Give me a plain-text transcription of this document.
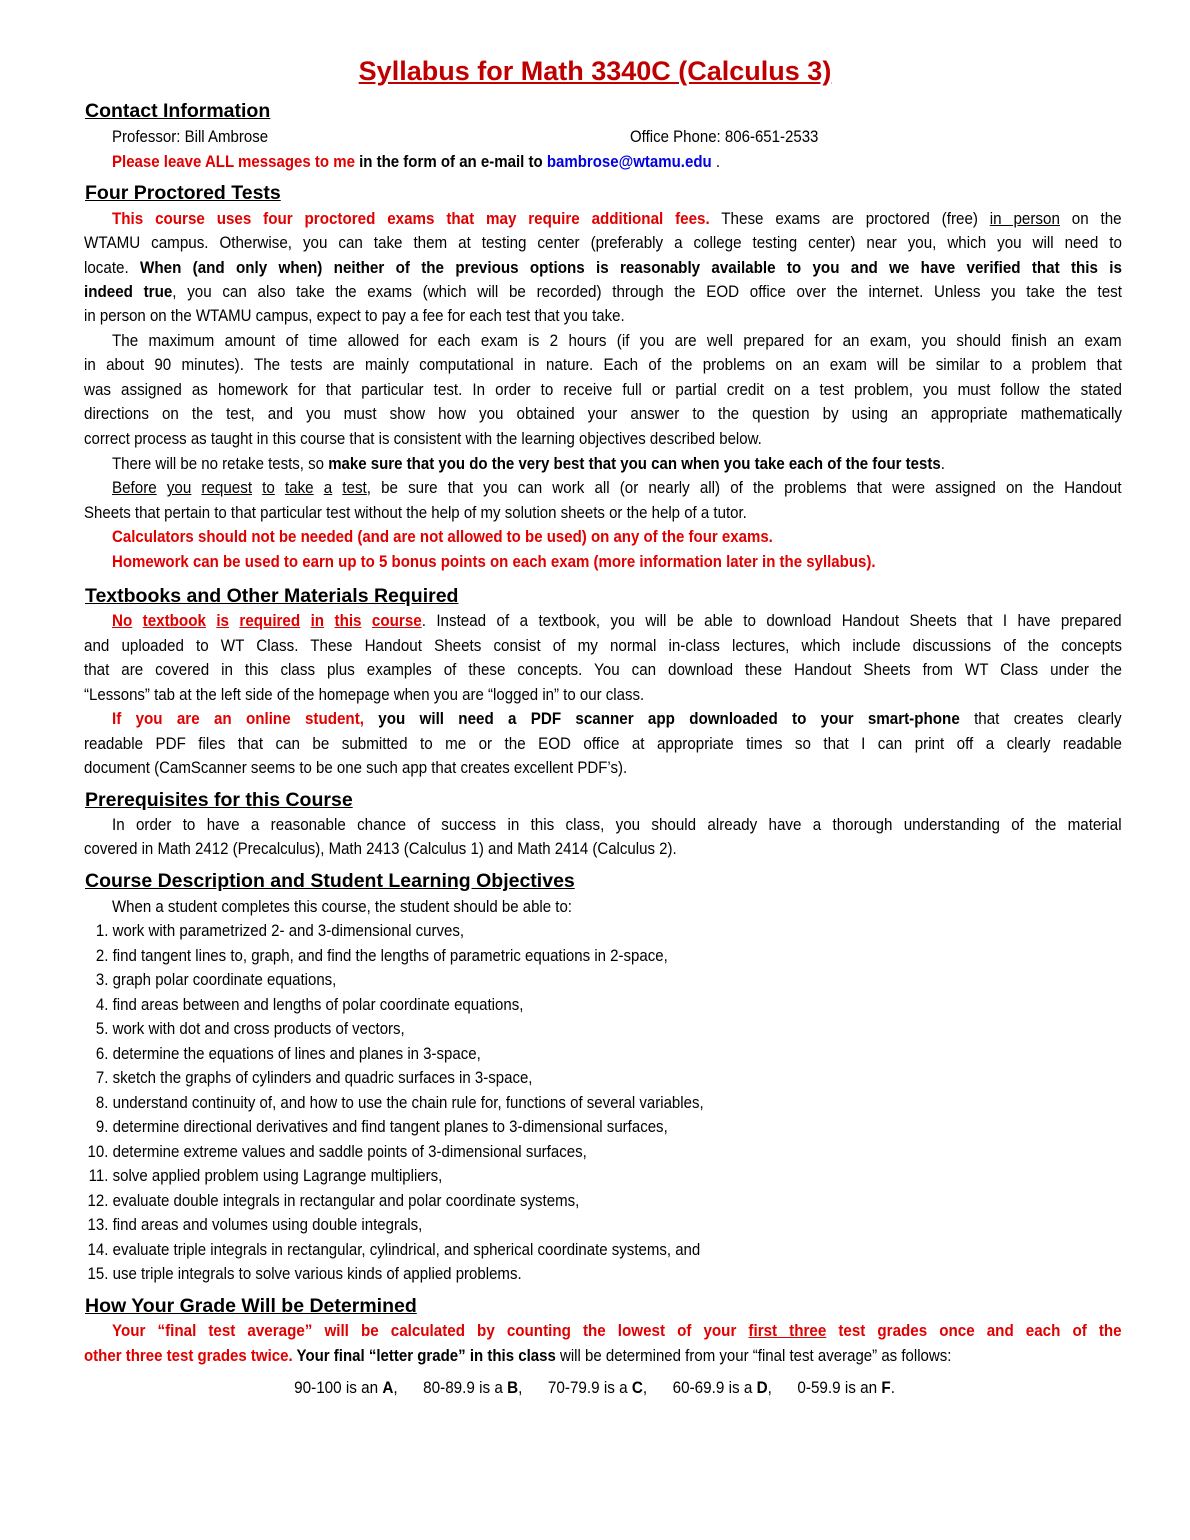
Syllabus for Math 3340C (Calculus 3)
Contact Information
Professor: Bill Ambrose	Office Phone: 806-651-2533
Please leave ALL messages to me in the form of an e-mail to bambrose@wtamu.edu .
Four Proctored Tests
This course uses four proctored exams that may require additional fees. These exams are proctored (free) in person on the
WTAMU campus. Otherwise, you can take them at testing center (preferably a college testing center) near you, which you will need to
locate. When (and only when) neither of the previous options is reasonably available to you and we have verified that this is
indeed true, you can also take the exams (which will be recorded) through the EOD office over the internet. Unless you take the test
in person on the WTAMU campus, expect to pay a fee for each test that you take.
The maximum amount of time allowed for each exam is 2 hours (if you are well prepared for an exam, you should finish an exam
in about 90 minutes). The tests are mainly computational in nature. Each of the problems on an exam will be similar to a problem that
was assigned as homework for that particular test. In order to receive full or partial credit on a test problem, you must follow the stated
directions on the test, and you must show how you obtained your answer to the question by using an appropriate mathematically
correct process as taught in this course that is consistent with the learning objectives described below.
There will be no retake tests, so make sure that you do the very best that you can when you take each of the four tests.
Before you request to take a test, be sure that you can work all (or nearly all) of the problems that were assigned on the Handout
Sheets that pertain to that particular test without the help of my solution sheets or the help of a tutor.
Calculators should not be needed (and are not allowed to be used) on any of the four exams.
Homework can be used to earn up to 5 bonus points on each exam (more information later in the syllabus).
Textbooks and Other Materials Required
No textbook is required in this course. Instead of a textbook, you will be able to download Handout Sheets that I have prepared
and uploaded to WT Class. These Handout Sheets consist of my normal in-class lectures, which include discussions of the concepts
that are covered in this class plus examples of these concepts. You can download these Handout Sheets from WT Class under the
“Lessons” tab at the left side of the homepage when you are “logged in” to our class.
If you are an online student, you will need a PDF scanner app downloaded to your smart-phone that creates clearly
readable PDF files that can be submitted to me or the EOD office at appropriate times so that I can print off a clearly readable
document (CamScanner seems to be one such app that creates excellent PDF’s).
Prerequisites for this Course
In order to have a reasonable chance of success in this class, you should already have a thorough understanding of the material
covered in Math 2412 (Precalculus), Math 2413 (Calculus 1) and Math 2414 (Calculus 2).
Course Description and Student Learning Objectives
When a student completes this course, the student should be able to:
1. work with parametrized 2- and 3-dimensional curves,
2. find tangent lines to, graph, and find the lengths of parametric equations in 2-space,
3. graph polar coordinate equations,
4. find areas between and lengths of polar coordinate equations,
5. work with dot and cross products of vectors,
6. determine the equations of lines and planes in 3-space,
7. sketch the graphs of cylinders and quadric surfaces in 3-space,
8. understand continuity of, and how to use the chain rule for, functions of several variables,
9. determine directional derivatives and find tangent planes to 3-dimensional surfaces,
10. determine extreme values and saddle points of 3-dimensional surfaces,
11. solve applied problem using Lagrange multipliers,
12. evaluate double integrals in rectangular and polar coordinate systems,
13. find areas and volumes using double integrals,
14. evaluate triple integrals in rectangular, cylindrical, and spherical coordinate systems, and
15. use triple integrals to solve various kinds of applied problems.
How Your Grade Will be Determined
Your “final test average” will be calculated by counting the lowest of your first three test grades once and each of the
other three test grades twice. Your final “letter grade” in this class will be determined from your “final test average” as follows:
90-100 is an A,      80-89.9 is a B,      70-79.9 is a C,      60-69.9 is a D,      0-59.9 is an F.
